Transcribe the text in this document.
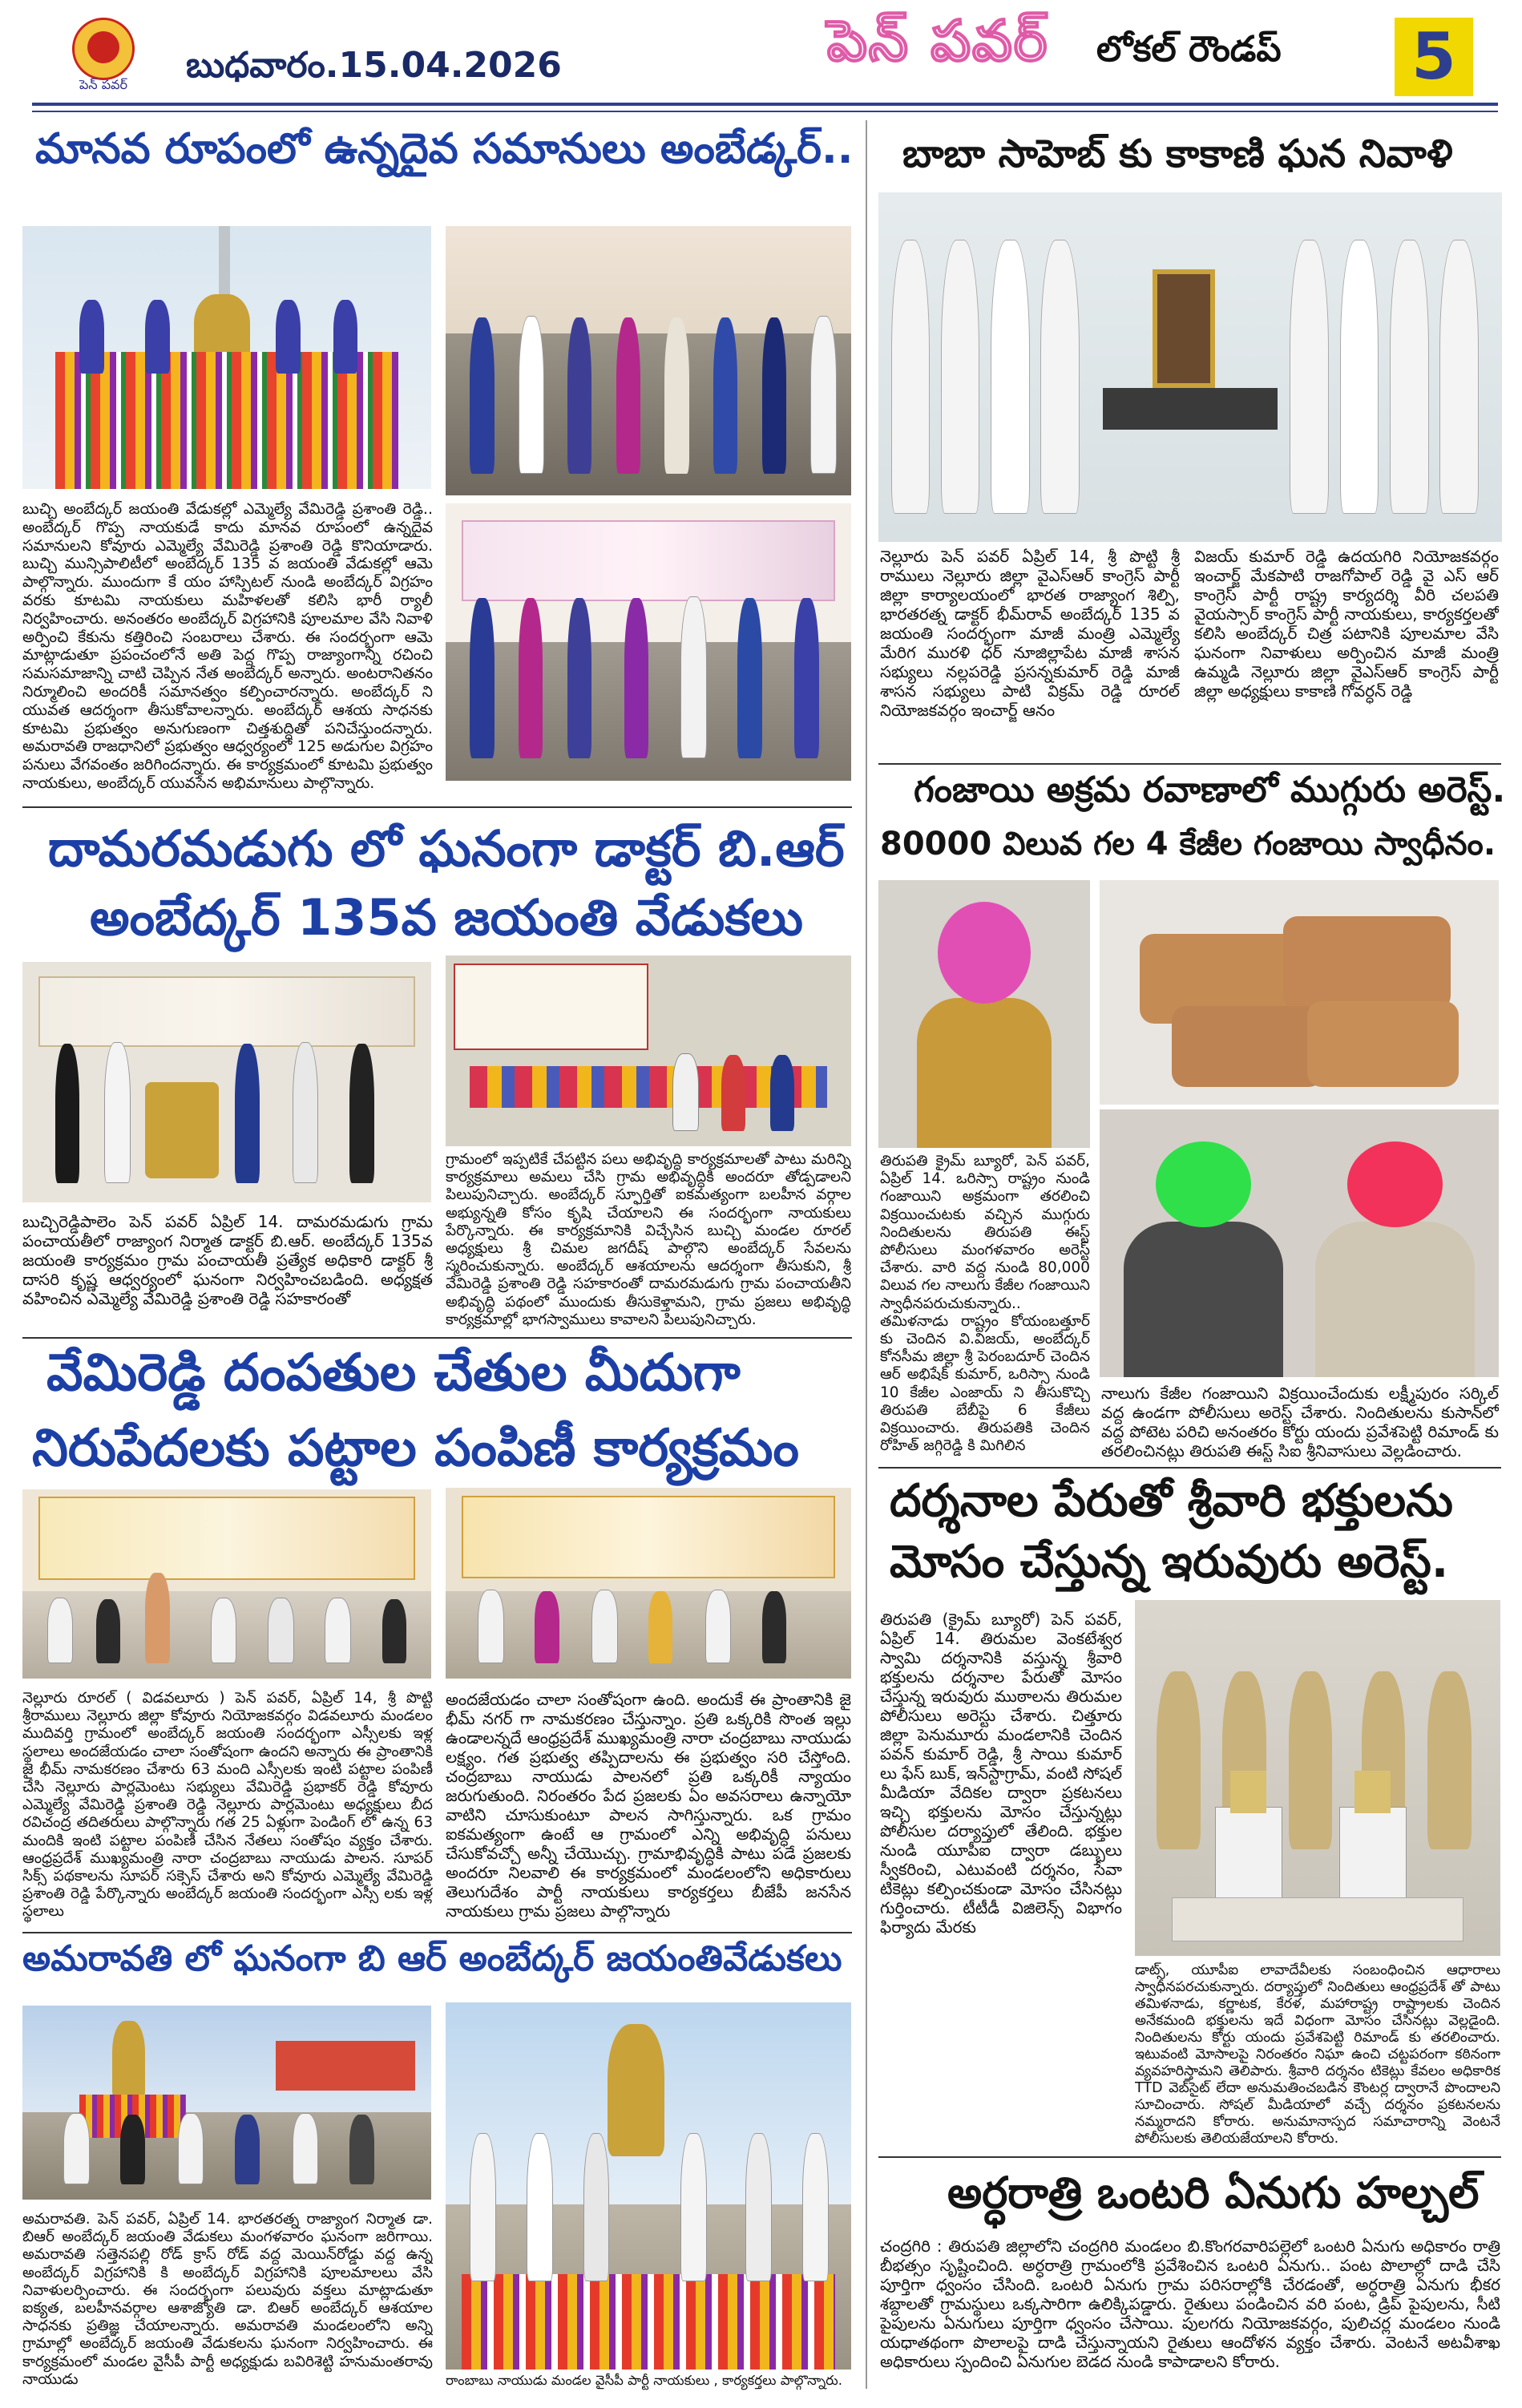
పెన్ పవర్ బుధవారం.15.04.2026	పెన్ పవర్ లోకల్ రౌండప్ 5
మానవ రూపంలో ఉన్నదైవ సమానులు అంబేడ్కర్..
బుచ్చి అంబేద్కర్ జయంతి వేడుకల్లో ఎమ్మెల్యే వేమిరెడ్డి ప్రశాంతి రెడ్డి.. అంబేద్కర్ గొప్ప నాయకుడే కాదు మానవ రూపంలో ఉన్నదైవ సమానులని కోవూరు ఎమ్మెల్యే వేమిరెడ్డి ప్రశాంతి రెడ్డి కొనియాడారు. బుచ్చి మున్సిపాలిటీలో అంబేద్కర్ 135 వ జయంతి వేడుకల్లో ఆమె పాల్గొన్నారు. ముందుగా కే యం హాస్పిటల్ నుండి అంబేద్కర్ విగ్రహం వరకు కూటమి నాయకులు మహిళలతో కలిసి భారీ ర్యాలీ నిర్వహించారు. అనంతరం అంబేద్కర్ విగ్రహానికి పూలమాల వేసి నివాళి అర్పించి కేకును కత్తిరించి సంబరాలు చేశారు. ఈ సందర్భంగా ఆమె మాట్లాడుతూ ప్రపంచంలోనే అతి పెద్ద గొప్ప రాజ్యాంగాన్ని రచించి సమసమాజాన్ని చాటి చెప్పిన నేత అంబేద్కర్ అన్నారు. అంటరానితనం నిర్మూలించి అందరికీ సమానత్వం కల్పించారన్నారు. అంబేద్కర్ ని యువత ఆదర్శంగా తీసుకోవాలన్నారు. అంబేద్కర్ ఆశయ సాధనకు కూటమి ప్రభుత్వం అనుగుణంగా చిత్తశుద్ధితో పనిచేస్తుందన్నారు. అమరావతి రాజధానిలో ప్రభుత్వం ఆధ్వర్యంలో 125 అడుగుల విగ్రహం పనులు వేగవంతం జరిగిందన్నారు. ఈ కార్యక్రమంలో కూటమి ప్రభుత్వం నాయకులు, అంబేద్కర్ యువసేన అభిమానులు పాల్గొన్నారు.
దామరమడుగు లో ఘనంగా డాక్టర్ బి.ఆర్
అంబేద్కర్ 135వ జయంతి వేడుకలు
గ్రామంలో ఇప్పటికే చేపట్టిన పలు అభివృద్ధి కార్యక్రమాలతో పాటు మరిన్ని కార్యక్రమాలు అమలు చేసి గ్రామ అభివృద్ధికి అందరూ తోడ్పడాలని పిలుపునిచ్చారు. అంబేద్కర్ స్ఫూర్తితో ఐకమత్యంగా బలహీన వర్గాల అభ్యున్నతి కోసం కృషి చేయాలని ఈ సందర్భంగా నాయకులు పేర్కొన్నారు. ఈ కార్యక్రమానికి విచ్చేసిన బుచ్చి మండల రూరల్ అధ్యక్షులు శ్రీ చిమల జగదీష్ పాల్గొని అంబేద్కర్ సేవలను స్మరించుకున్నారు. అంబేద్కర్ ఆశయాలను ఆదర్శంగా తీసుకుని, శ్రీ వేమిరెడ్డి ప్రశాంతి రెడ్డి సహకారంతో దామరమడుగు గ్రామ పంచాయతీని అభివృద్ధి పథంలో ముందుకు తీసుకెళ్తామని, గ్రామ ప్రజలు అభివృద్ధి కార్యక్రమాల్లో భాగస్వాములు కావాలని పిలుపునిచ్చారు.
బుచ్చిరెడ్డిపాలెం పెన్ పవర్ ఏప్రిల్ 14. దామరమడుగు గ్రామ పంచాయతీలో రాజ్యాంగ నిర్మాత డాక్టర్ బి.ఆర్. అంబేద్కర్ 135వ జయంతి కార్యక్రమం గ్రామ పంచాయతీ ప్రత్యేక అధికారి డాక్టర్ శ్రీ దాసరి కృష్ణ ఆధ్వర్యంలో ఘనంగా నిర్వహించబడింది. అధ్యక్షత వహించిన ఎమ్మెల్యే వేమిరెడ్డి ప్రశాంతి రెడ్డి సహకారంతో
వేమిరెడ్డి దంపతుల చేతుల మీదుగా
నిరుపేదలకు పట్టాల పంపిణీ కార్యక్రమం
నెల్లూరు రూరల్ ( విడవలూరు ) పెన్ పవర్, ఏప్రిల్ 14, శ్రీ పొట్టి శ్రీరాములు నెల్లూరు జిల్లా కోవూరు నియోజకవర్గం విడవలూరు మండలం ముదివర్తి గ్రామంలో అంబేద్కర్ జయంతి సందర్భంగా ఎస్సీలకు ఇళ్ల స్థలాలు అందజేయడం చాలా సంతోషంగా ఉందని అన్నారు ఈ ప్రాంతానికి జై భీమ్ నామకరణం చేశారు 63 మంది ఎస్సీలకు ఇంటి పట్టాల పంపిణీ చేసి నెల్లూరు పార్లమెంటు సభ్యులు వేమిరెడ్డి ప్రభాకర్ రెడ్డి కోవూరు ఎమ్మెల్యే వేమిరెడ్డి ప్రశాంతి రెడ్డి నెల్లూరు పార్లమెంటు అధ్యక్షులు బీద రవిచంద్ర తదితరులు పాల్గొన్నారు గత 25 ఏళ్లుగా పెండింగ్ లో ఉన్న 63 మందికి ఇంటి పట్టాల పంపిణీ చేసిన నేతలు సంతోషం వ్యక్తం చేశారు. ఆంధ్రప్రదేశ్ ముఖ్యమంత్రి నారా చంద్రబాబు నాయుడు పాలన. సూపర్ సిక్స్ పథకాలను సూపర్ సక్సెస్ చేశారు అని కోవూరు ఎమ్మెల్యే వేమిరెడ్డి ప్రశాంతి రెడ్డి పేర్కొన్నారు అంబేద్కర్ జయంతి సందర్భంగా ఎస్సీ లకు ఇళ్ల స్థలాలు
అందజేయడం చాలా సంతోషంగా ఉంది. అందుకే ఈ ప్రాంతానికి జై భీమ్ నగర్ గా నామకరణం చేస్తున్నాం. ప్రతి ఒక్కరికి సొంత ఇల్లు ఉండాలన్నదే ఆంధ్రప్రదేశ్ ముఖ్యమంత్రి నారా చంద్రబాబు నాయుడు లక్ష్యం. గత ప్రభుత్వ తప్పిదాలను ఈ ప్రభుత్వం సరి చేస్తోంది. చంద్రబాబు నాయుడు పాలనలో ప్రతి ఒక్కరికీ న్యాయం జరుగుతుంది. నిరంతరం పేద ప్రజలకు ఏం అవసరాలు ఉన్నాయో వాటిని చూసుకుంటూ పాలన సాగిస్తున్నారు. ఒక గ్రామం ఐకమత్యంగా ఉంటే ఆ గ్రామంలో ఎన్ని అభివృద్ధి పనులు చేసుకోవచ్చో అన్నీ చేయొచ్చు. గ్రామాభివృద్ధికి పాటు పడే ప్రజలకు అందరూ నిలవాలి ఈ కార్యక్రమంలో మండలంలోని అధికారులు తెలుగుదేశం పార్టీ నాయకులు కార్యకర్తలు బీజేపీ జనసేన నాయకులు గ్రామ ప్రజలు పాల్గొన్నారు
అమరావతి లో ఘనంగా బి ఆర్ అంబేద్కర్ జయంతివేడుకలు
అమరావతి. పెన్ పవర్, ఏప్రిల్ 14. భారతరత్న రాజ్యాంగ నిర్మాత డా. బిఆర్ అంబేద్కర్ జయంతి వేడుకలు మంగళవారం ఘనంగా జరిగాయి. అమరావతి సత్తెనపల్లి రోడ్ క్రాస్ రోడ్ వద్ద మెయిన్‌రోడ్డు వద్ద ఉన్న అంబేద్కర్ విగ్రహానికి కి అంబేద్కర్ విగ్రహానికి పూలమాలలు వేసి నివాళులర్పించారు. ఈ సందర్భంగా పలువురు వక్తలు మాట్లాడుతూ ఐక్యత, బలహీనవర్గాల ఆశాజ్యోతి డా. బిఆర్ అంబేద్కర్ ఆశయాల సాధనకు ప్రతిజ్ఞ చేయాలన్నారు. అమరావతి మండలంలోని అన్ని గ్రామాల్లో అంబేద్కర్ జయంతి వేడుకలను ఘనంగా నిర్వహించారు. ఈ కార్యక్రమంలో మండల వైసీపీ పార్టీ అధ్యక్షుడు బవిరిశెట్టి హనుమంతరావు నాయుడు	రాంబాబు నాయుడు మండల వైసీపీ పార్టీ నాయకులు , కార్యకర్తలు పాల్గొన్నారు.
బాబా సాహెబ్ కు కాకాణి ఘన నివాళి
నెల్లూరు పెన్ పవర్ ఏప్రిల్ 14, శ్రీ పొట్టి శ్రీ రాములు నెల్లూరు జిల్లా వైఎస్ఆర్ కాంగ్రెస్ పార్టీ జిల్లా కార్యాలయంలో భారత రాజ్యాంగ శిల్పి, భారతరత్న డాక్టర్ భీమ్‌రావ్ అంబేద్కర్ 135 వ జయంతి సందర్భంగా మాజీ మంత్రి ఎమ్మెల్యే మేరిగ మురళి ధర్ నూజిల్లాపేట మాజీ శాసన సభ్యులు నల్లపరెడ్డి ప్రసన్నకుమార్ రెడ్డి మాజీ శాసన సభ్యులు పాటి విక్రమ్ రెడ్డి రూరల్ నియోజకవర్గం ఇంచార్జ్ ఆనం
విజయ్ కుమార్ రెడ్డి ఉదయగిరి నియోజకవర్గం ఇంచార్జ్ మేకపాటి రాజగోపాల్ రెడ్డి వై ఎస్ ఆర్ కాంగ్రెస్ పార్టీ రాష్ట్ర కార్యదర్శి వీరి చలపతి వైయస్సార్ కాంగ్రెస్ పార్టీ నాయకులు, కార్యకర్తలతో కలిసి అంబేద్కర్ చిత్ర పటానికి పూలమాల వేసి ఘనంగా నివాళులు అర్పించిన మాజీ మంత్రి ఉమ్మడి నెల్లూరు జిల్లా వైఎస్ఆర్ కాంగ్రెస్ పార్టీ జిల్లా అధ్యక్షులు కాకాణి గోవర్ధన్ రెడ్డి
గంజాయి అక్రమ రవాణాలో ముగ్గురు అరెస్ట్.
80000 విలువ గల 4 కేజీల గంజాయి స్వాధీనం.
తిరుపతి క్రైమ్ బ్యూరో, పెన్ పవర్, ఏప్రిల్ 14. ఒరిస్సా రాష్ట్రం నుండి గంజాయిని అక్రమంగా తరలించి విక్రయించుటకు వచ్చిన ముగ్గురు నిందితులను తిరుపతి ఈస్ట్ పోలీసులు మంగళవారం అరెస్ట్ చేశారు. వారి వద్ద నుండి 80,000 విలువ గల నాలుగు కేజీల గంజాయిని స్వాధీనపరుచుకున్నారు.. తమిళనాడు రాష్ట్రం కోయంబత్తూర్ కు చెందిన వి.విజయ్, అంబేద్కర్ కోనసీమ జిల్లా శ్రీ పెరంబదూర్ చెందిన ఆర్ అభిషేక్ కుమార్, ఒరిస్సా నుండి 10 కేజీల ఎంజాయ్ ని తీసుకొచ్చి తిరుపతి బేబీపై 6 కేజీలు విక్రయించారు. తిరుపతికి చెందిన రోహిత్ జగ్గిరెడ్డి కి మిగిలిన
నాలుగు కేజీల గంజాయిని విక్రయించేందుకు లక్ష్మీపురం సర్కిల్ వద్ద ఉండగా పోలీసులు అరెస్ట్ చేశారు. నిందితులను కుసాన్‌లో వద్ద పోటెట పరిచి అనంతరం కోర్టు యందు ప్రవేశపెట్టి రిమాండ్ కు తరలించినట్లు తిరుపతి ఈస్ట్ సిఐ శ్రీనివాసులు వెల్లడించారు.
దర్శనాల పేరుతో శ్రీవారి భక్తులను
మోసం చేస్తున్న ఇరువురు అరెస్ట్.
తిరుపతి (క్రైమ్ బ్యూరో) పెన్ పవర్, ఏప్రిల్ 14. తిరుమల వెంకటేశ్వర స్వామి దర్శనానికి వస్తున్న శ్రీవారి భక్తులను దర్శనాల పేరుతో మోసం చేస్తున్న ఇరువురు ముఠాలను తిరుమల పోలీసులు అరెస్టు చేశారు. చిత్తూరు జిల్లా పెనుమూరు మండలానికి చెందిన పవన్ కుమార్ రెడ్డి, శ్రీ సాయి కుమార్ లు ఫేస్ బుక్, ఇన్‌స్టాగ్రామ్, వంటి సోషల్ మీడియా వేదికల ద్వారా ప్రకటనలు ఇచ్చి భక్తులను మోసం చేస్తున్నట్లు పోలీసుల దర్యాప్తులో తేలింది. భక్తుల నుండి యూపీఐ ద్వారా డబ్బులు స్వీకరించి, ఎటువంటి దర్శనం, సేవా టికెట్లు కల్పించకుండా మోసం చేసినట్లు గుర్తించారు. టీటీడీ విజిలెన్స్ విభాగం ఫిర్యాదు మేరకు
డాట్స్, యూపీఐ లావాదేవీలకు సంబంధించిన ఆధారాలు స్వాధీనపరచుకున్నారు. దర్యాప్తులో నిందితులు ఆంధ్రప్రదేశ్ తో పాటు తమిళనాడు, కర్ణాటక, కేరళ, మహారాష్ట్ర రాష్ట్రాలకు చెందిన అనేకమంది భక్తులను ఇదే విధంగా మోసం చేసినట్లు వెల్లడైంది. నిందితులను కోర్టు యందు ప్రవేశపెట్టి రిమాండ్ కు తరలించారు. ఇటువంటి మోసాలపై నిరంతరం నిఘా ఉంచి చట్టపరంగా కఠినంగా వ్యవహరిస్తామని తెలిపారు. శ్రీవారి దర్శనం టికెట్లు కేవలం అధికారిక TTD వెబ్‌సైట్ లేదా అనుమతించబడిన కౌంటర్ల ద్వారానే పొందాలని సూచించారు. సోషల్ మీడియాలో వచ్చే దర్శనం ప్రకటనలను నమ్మరాదని కోరారు. అనుమానాస్పద సమాచారాన్ని వెంటనే పోలీసులకు తెలియజేయాలని కోరారు.
అర్ధరాత్రి ఒంటరి ఏనుగు హల్చల్
చంద్రగిరి : తిరుపతి జిల్లాలోని చంద్రగిరి మండలం బి.కొంగరవారిపల్లెలో ఒంటరి ఏనుగు అధికారం రాత్రి బీభత్సం సృష్టించింది. అర్ధరాత్రి గ్రామంలోకి ప్రవేశించిన ఒంటరి ఏనుగు.. పంట పొలాల్లో దాడి చేసి పూర్తిగా ధ్వంసం చేసింది. ఒంటరి ఏనుగు గ్రామ పరిసరాల్లోకి చేరడంతో, అర్ధరాత్రి ఏనుగు భీకర శబ్దాలతో గ్రామస్థులు ఒక్కసారిగా ఉలిక్కిపడ్డారు. రైతులు పండించిన వరి పంట, డ్రిప్ పైపులను, సీటి పైపులను ఏనుగులు పూర్తిగా ధ్వంసం చేసాయి. పులగరు నియోజకవర్గం, పులిచర్ల మండలం నుండి యధాతథంగా పొలాలపై దాడి చేస్తున్నాయని రైతులు ఆందోళన వ్యక్తం చేశారు. వెంటనే అటవీశాఖ అధికారులు స్పందించి ఏనుగుల బెడద నుండి కాపాడాలని కోరారు.
